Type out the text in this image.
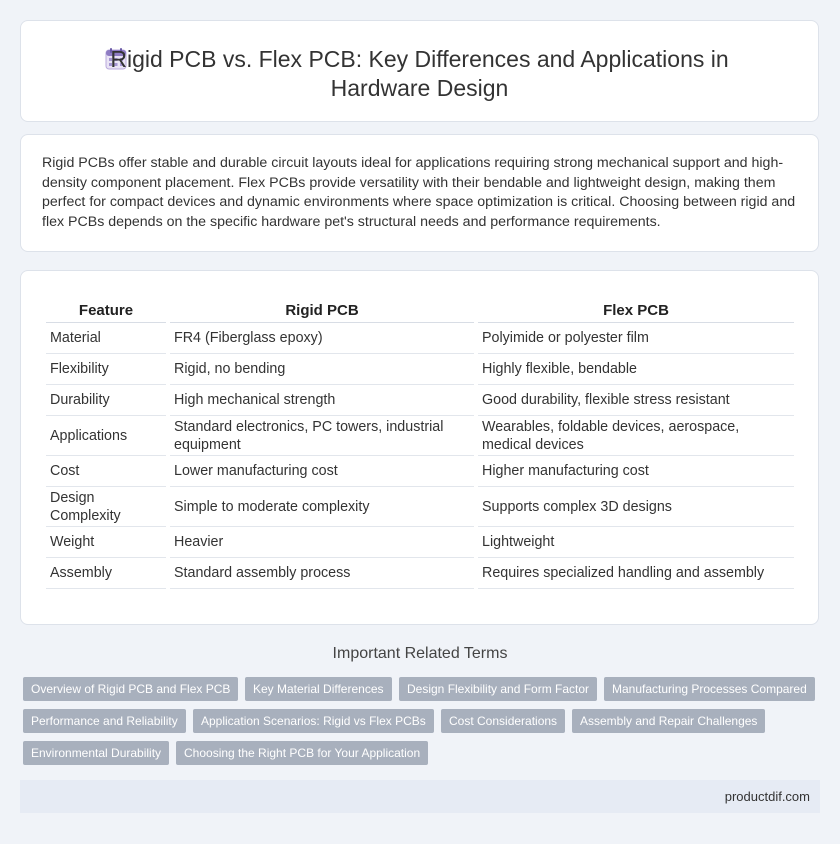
Rigid PCB vs. Flex PCB: Key Differences and Applications in Hardware Design
Rigid PCBs offer stable and durable circuit layouts ideal for applications requiring strong mechanical support and high-density component placement. Flex PCBs provide versatility with their bendable and lightweight design, making them perfect for compact devices and dynamic environments where space optimization is critical. Choosing between rigid and flex PCBs depends on the specific hardware pet's structural needs and performance requirements.
Feature	Rigid PCB	Flex PCB
Material	FR4 (Fiberglass epoxy)	Polyimide or polyester film
Flexibility	Rigid, no bending	Highly flexible, bendable
Durability	High mechanical strength	Good durability, flexible stress resistant
Applications	Standard electronics, PC towers, industrial equipment	Wearables, foldable devices, aerospace, medical devices
Cost	Lower manufacturing cost	Higher manufacturing cost
Design Complexity	Simple to moderate complexity	Supports complex 3D designs
Weight	Heavier	Lightweight
Assembly	Standard assembly process	Requires specialized handling and assembly
Important Related Terms
Overview of Rigid PCB and Flex PCB	Key Material Differences	Design Flexibility and Form Factor	Manufacturing Processes Compared
Performance and Reliability	Application Scenarios: Rigid vs Flex PCBs	Cost Considerations	Assembly and Repair Challenges
Environmental Durability	Choosing the Right PCB for Your Application
productdif.com
